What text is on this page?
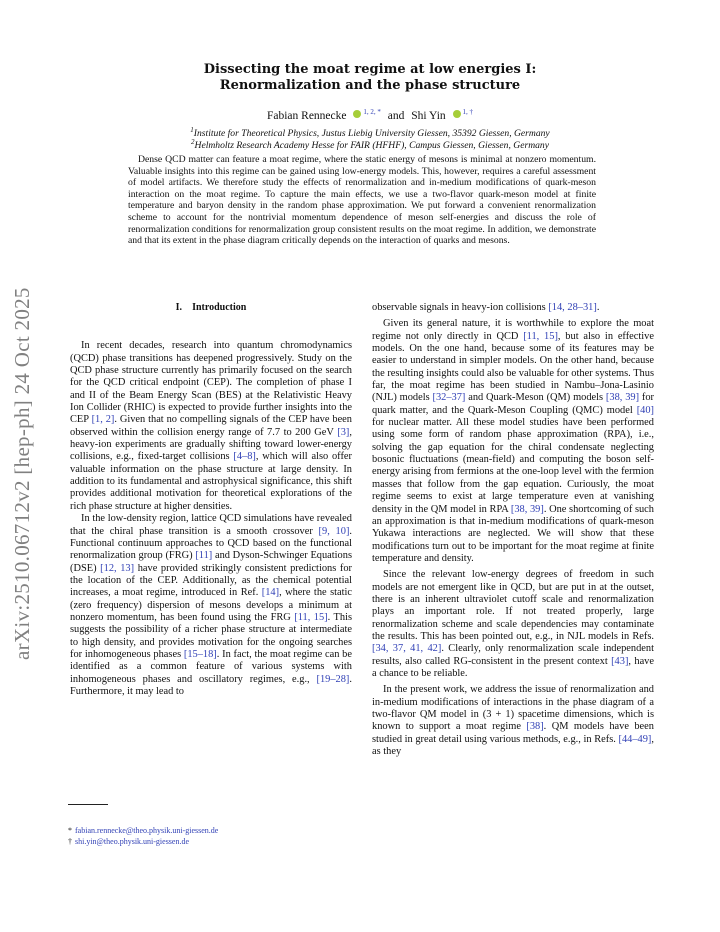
arXiv:2510.06712v2 [hep-ph] 24 Oct 2025
Dissecting the moat regime at low energies I:
Renormalization and the phase structure
Fabian Rennecke $^{1, 2, *}$ and Shi Yin $^{1, \dagger}$
$^1$Institute for Theoretical Physics, Justus Liebig University Giessen, 35392 Giessen, Germany
$^2$Helmholtz Research Academy Hesse for FAIR (HFHF), Campus Giessen, Giessen, Germany
Dense QCD matter can feature a moat regime, where the static energy of mesons is minimal at nonzero momentum. Valuable insights into this regime can be gained using low-energy models. This, however, requires a careful assessment of model artifacts. We therefore study the effects of renormalization and in-medium modifications of quark-meson interaction on the moat regime. To capture the main effects, we use a two-flavor quark-meson model at finite temperature and baryon density in the random phase approximation. We put forward a convenient renormalization scheme to account for the nontrivial momentum dependence of meson self-energies and discuss the role of renormalization conditions for renormalization group consistent results on the moat regime. In addition, we demonstrate and that its extent in the phase diagram critically depends on the interaction of quarks and mesons.
I. Introduction

In recent decades, research into quantum chromodynamics (QCD) phase transitions has deepened progressively. Study on the QCD phase structure currently has primarily focused on the search for the QCD critical endpoint (CEP). The completion of phase I and II of the Beam Energy Scan (BES) at the Relativistic Heavy Ion Collider (RHIC) is expected to provide further insights into the CEP [1, 2]. Given that no compelling signals of the CEP have been observed within the collision energy range of 7.7 to 200 GeV [3], heavy-ion experiments are gradually shifting toward lower-energy collisions, e.g., fixed-target collisions [4–8], which will also offer valuable information on the phase structure at large density. In addition to its fundamental and astrophysical significance, this shift provides additional motivation for theoretical explorations of the rich phase structure at higher densities.

In the low-density region, lattice QCD simulations have revealed that the chiral phase transition is a smooth crossover [9, 10]. Functional continuum approaches to QCD based on the functional renormalization group (FRG) [11] and Dyson-Schwinger Equations (DSE) [12, 13] have provided strikingly consistent predictions for the location of the CEP. Additionally, as the chemical potential increases, a moat regime, introduced in Ref. [14], where the static (zero frequency) dispersion of mesons develops a minimum at nonzero momentum, has been found using the FRG [11, 15]. This suggests the possibility of a richer phase structure at intermediate to high density, and provides motivation for the ongoing searches for inhomogeneous phases [15–18]. In fact, the moat regime can be identified as a common feature of various systems with inhomogeneous phases and oscillatory regimes, e.g., [19–28]. Furthermore, it may lead to

observable signals in heavy-ion collisions [14, 28–31].

Given its general nature, it is worthwhile to explore the moat regime not only directly in QCD [11, 15], but also in effective models. On the one hand, because some of its features may be easier to understand in simpler models. On the other hand, because the resulting insights could also be valuable for other systems. Thus far, the moat regime has been studied in Nambu–Jona-Lasinio (NJL) models [32–37] and Quark-Meson (QM) models [38, 39] for quark matter, and the Quark-Meson Coupling (QMC) model [40] for nuclear matter. All these model studies have been performed using some form of random phase approximation (RPA), i.e., solving the gap equation for the chiral condensate neglecting bosonic fluctuations (mean-field) and computing the boson self-energy arising from fermions at the one-loop level with the fermion masses that follow from the gap equation. Curiously, the moat regime seems to exist at large temperature even at vanishing density in the QM model in RPA [38, 39]. One shortcoming of such an approximation is that in-medium modifications of quark-meson Yukawa interactions are neglected. We will show that these modifications turn out to be important for the moat regime at finite temperature and density.

Since the relevant low-energy degrees of freedom in such models are not emergent like in QCD, but are put in at the outset, there is an inherent ultraviolet cutoff scale and renormalization plays an important role. If not treated properly, large renormalization scheme and scale dependencies may contaminate the results. This has been pointed out, e.g., in NJL models in Refs. [34, 37, 41, 42]. Clearly, only renormalization scale independent results, also called RG-consistent in the present context [43], have a chance to be reliable.

In the present work, we address the issue of renormalization and in-medium modifications of interactions in the phase diagram of a two-flavor QM model in (3 + 1) spacetime dimensions, which is known to support a moat regime [38]. QM models have been studied in great detail using various methods, e.g., in Refs. [44–49], as they

* fabian.rennecke@theo.physik.uni-giessen.de
† shi.yin@theo.physik.uni-giessen.de
